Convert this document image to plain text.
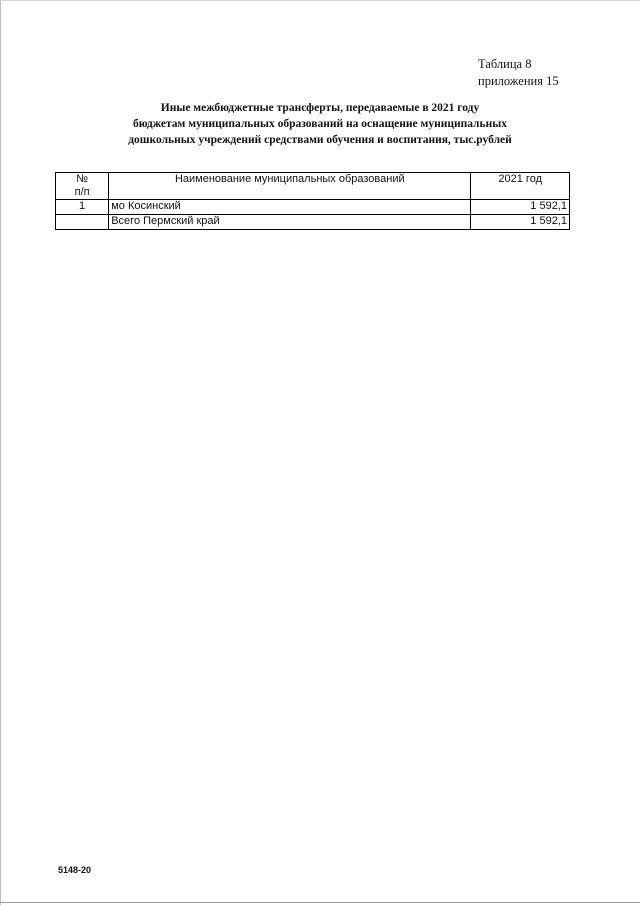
Таблица 8
приложения 15
Иные межбюджетные трансферты, передаваемые в 2021 году
бюджетам муниципальных образований на оснащение муниципальных
дошкольных учреждений средствами обучения и воспитания, тыс.рублей
№
п/п	Наименование муниципальных образований	2021 год
1	мо Косинский	1 592,1
	Всего Пермский край	1 592,1
5148-20
